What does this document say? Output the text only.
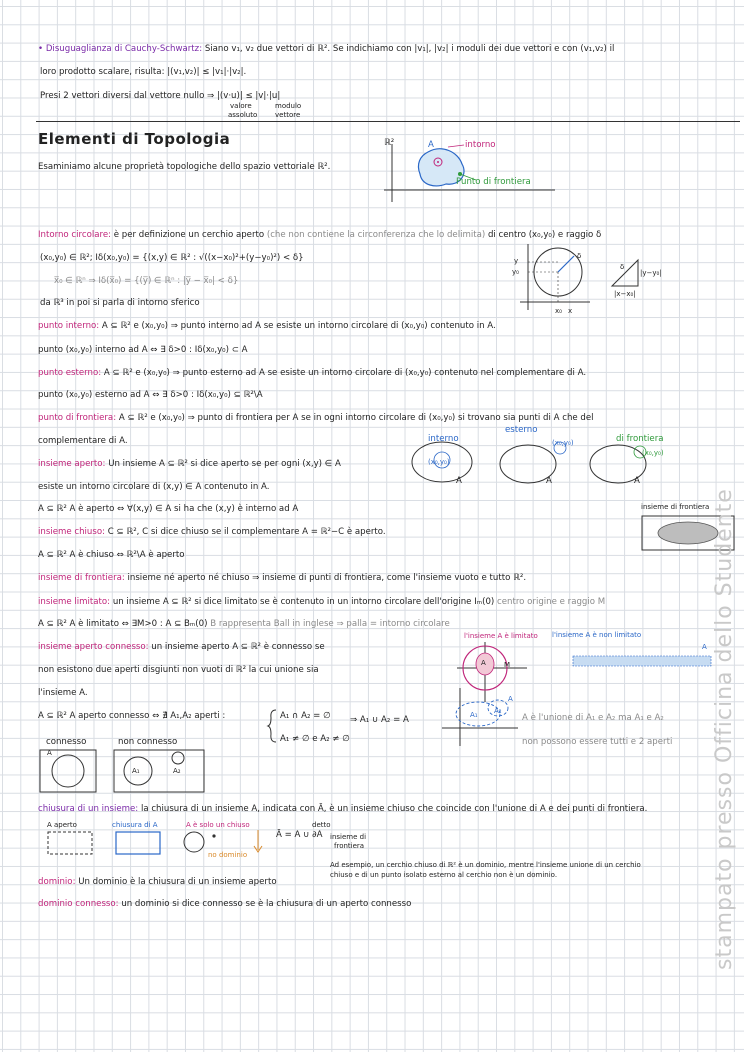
• Disuguaglianza di Cauchy-Schwartz: Siano v₁, v₂ due vettori di ℝ². Se indichiamo con |v₁|, |v₂| i moduli dei due vettori e con (v₁,v₂) il
loro prodotto scalare, risulta: |(v₁,v₂)| ≤ |v₁|·|v₂|.
Presi 2 vettori diversi dal vettore nullo ⇒ |(v·u)| ≤ |v|·|u|
valore
assoluto
modulo
vettore
Elementi di Topologia
Esaminiamo alcune proprietà topologiche dello spazio vettoriale ℝ².
ℝ²	A	intorno
Punto di frontiera
Intorno circolare: è per definizione un cerchio aperto (che non contiene la circonferenza che lo delimita) di centro (x₀,y₀) e raggio δ
(x₀,y₀) ∈ ℝ²; Iδ(x₀,y₀) = {(x,y) ∈ ℝ² : √((x−x₀)²+(y−y₀)²) < δ}
x̅₀ ∈ ℝⁿ ⇒ Iδ(x̅₀) = {(y̅) ∈ ℝⁿ : |y̅ − x̅₀| < δ}
da ℝ³ in poi si parla di intorno sferico
δ
y
y₀
x₀ x
|y−y₀|
|x−x₀|
δ
punto interno: A ⊆ ℝ² e (x₀,y₀) ⇒ punto interno ad A se esiste un intorno circolare di (x₀,y₀) contenuto in A.
punto (x₀,y₀) interno ad A ⇔ ∃ δ>0 : Iδ(x₀,y₀) ⊂ A
punto esterno: A ⊆ ℝ² e (x₀,y₀) ⇒ punto esterno ad A se esiste un intorno circolare di (x₀,y₀) contenuto nel complementare di A.
punto (x₀,y₀) esterno ad A ⇔ ∃ δ>0 : Iδ(x₀,y₀) ⊆ ℝ²\A
punto di frontiera: A ⊆ ℝ² e (x₀,y₀) ⇒ punto di frontiera per A se in ogni intorno circolare di (x₀,y₀) si trovano sia punti di A che del
complementare di A.	interno
esterno
(x₀,y₀)	di frontiera
(x₀,y₀)
(x₀,y₀)
A	A	A
insieme aperto: Un insieme A ⊆ ℝ² si dice aperto se per ogni (x,y) ∈ A
esiste un intorno circolare di (x,y) ∈ A contenuto in A.
A ⊆ ℝ² A è aperto ⇔ ∀(x,y) ∈ A si ha che (x,y) è interno ad A	insieme di frontiera
insieme chiuso: C ⊆ ℝ², C si dice chiuso se il complementare A = ℝ²−C è aperto.
A ⊆ ℝ² A è chiuso ⇔ ℝ²\A è aperto
insieme di frontiera: insieme né aperto né chiuso ⇒ insieme di punti di frontiera, come l'insieme vuoto e tutto ℝ².
insieme limitato: un insieme A ⊆ ℝ² si dice limitato se è contenuto in un intorno circolare dell'origine Iₘ(0) centro origine e raggio M
A ⊆ ℝ² A è limitato ⇔ ∃M>0 : A ⊆ Bₘ(0) B rappresenta Ball in inglese ⇒ palla = intorno circolare
l'insieme A è limitato
A	M
l'insieme A è non limitato
A
insieme aperto connesso: un insieme aperto A ⊆ ℝ² è connesso se
non esistono due aperti disgiunti non vuoti di ℝ² la cui unione sia
l'insieme A.
A ⊆ ℝ² A aperto connesso ⇔ ∄ A₁,A₂ aperti :	A₁ ∩ A₂ = ∅
A₁ ≠ ∅ e A₂ ≠ ∅
⇒ A₁ ∪ A₂ = A	A₁ A₂
A
A è l'unione di A₁ e A₂ ma A₁ e A₂
non possono essere tutti e 2 aperti
connesso	non connesso
A
A₁	A₂
chiusura di un insieme: la chiusura di un insieme A, indicata con Ā, è un insieme chiuso che coincide con l'unione di A e dei punti di frontiera.
A aperto	chiusura di A	A è solo un chiuso
no dominio
detto
Ā = A ∪ ∂A insieme di
frontiera
Ad esempio, un cerchio chiuso di ℝ² è un dominio, mentre l'insieme unione di un cerchio
chiuso e di un punto isolato esterno al cerchio non è un dominio.
dominio: Un dominio è la chiusura di un insieme aperto
dominio connesso: un dominio si dice connesso se è la chiusura di un aperto connesso	stampato presso Officina dello Studente
